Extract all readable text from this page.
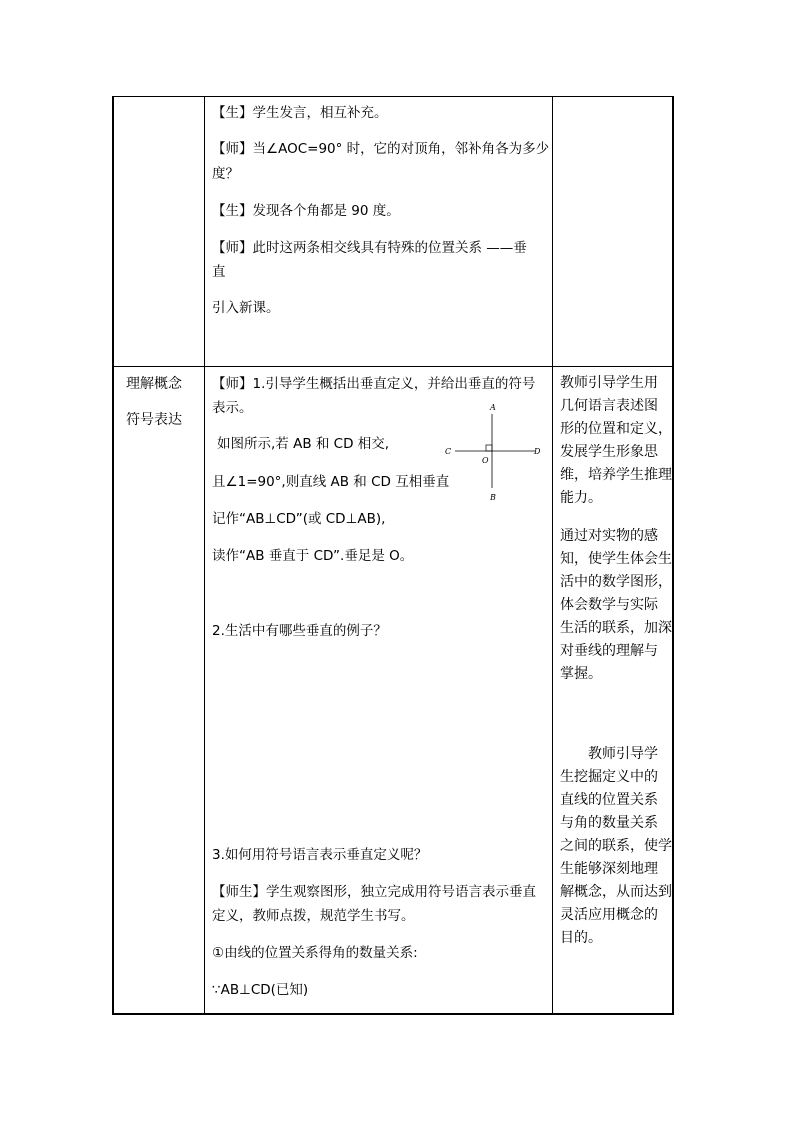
理解概念
符号表达
【生】学生发言，相互补充。
【师】当∠AOC=90° 时，它的对顶角，邻补角各为多少
度？
【生】发现各个角都是 90 度。
【师】此时这两条相交线具有特殊的位置关系 ——垂
直
引入新课。
【师】1.引导学生概括出垂直定义，并给出垂直的符号
表示。
如图所示,若 AB 和 CD 相交,
且∠1=90°,则直线 AB 和 CD 互相垂直
记作“AB⊥CD”(或 CD⊥AB),
读作“AB 垂直于 CD”.垂足是 O。
2.生活中有哪些垂直的例子？
3.如何用符号语言表示垂直定义呢？
【师生】学生观察图形，独立完成用符号语言表示垂直
定义，教师点拨，规范学生书写。
①由线的位置关系得角的数量关系:
∵AB⊥CD(已知)
A
B
C	D
O
教师引导学生用
几何语言表述图
形的位置和定义，
发展学生形象思
维，培养学生推理
能力。
通过对实物的感
知，使学生体会生
活中的数学图形，
体会数学与实际
生活的联系，加深
对垂线的理解与
掌握。
教师引导学
生挖掘定义中的
直线的位置关系
与角的数量关系
之间的联系，使学
生能够深刻地理
解概念，从而达到
灵活应用概念的
目的。
